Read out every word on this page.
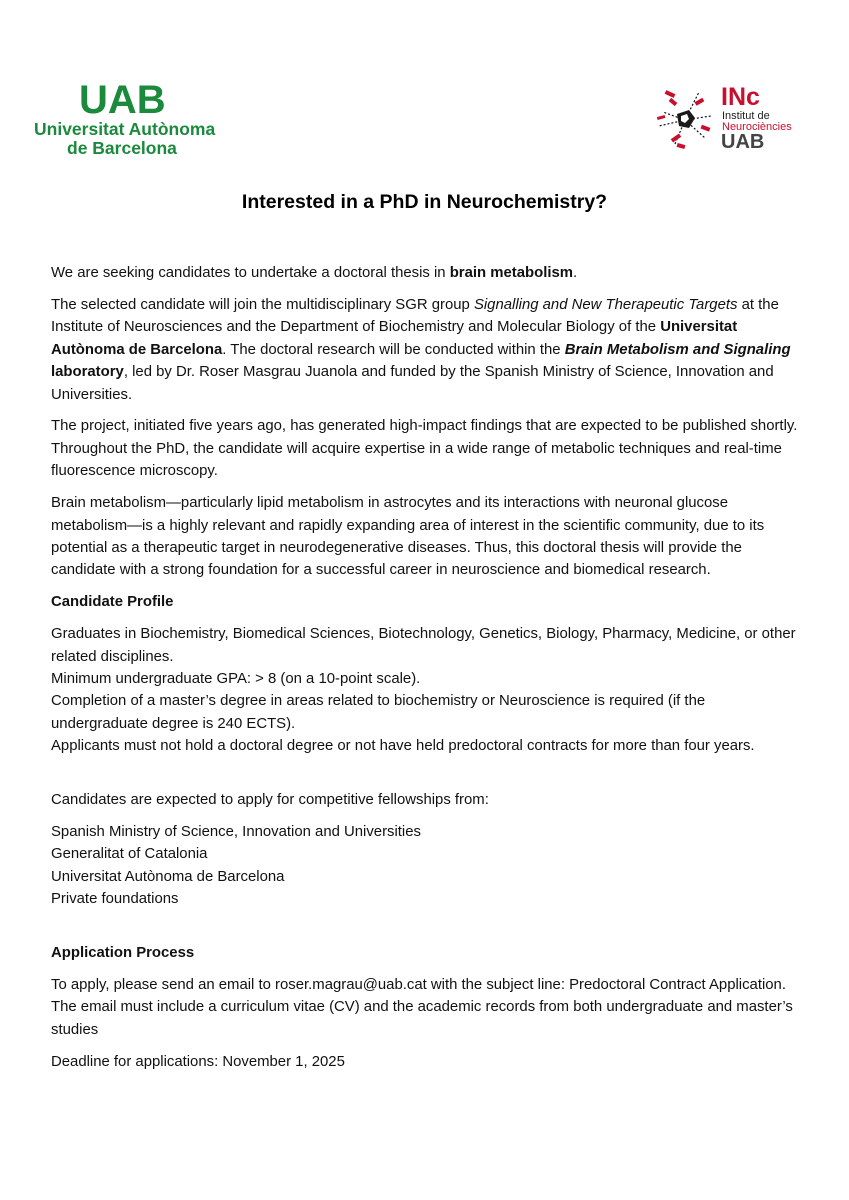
UAB
Universitat Autònoma
de Barcelona
INc
Institut de
Neurociències
UAB
Interested in a PhD in Neurochemistry?

We are seeking candidates to undertake a doctoral thesis in brain metabolism.

The selected candidate will join the multidisciplinary SGR group Signalling and New Therapeutic Targets at the Institute of Neurosciences and the Department of Biochemistry and Molecular Biology of the Universitat Autònoma de Barcelona. The doctoral research will be conducted within the Brain Metabolism and Signaling laboratory, led by Dr. Roser Masgrau Juanola and funded by the Spanish Ministry of Science, Innovation and Universities.

The project, initiated five years ago, has generated high-impact findings that are expected to be published shortly. Throughout the PhD, the candidate will acquire expertise in a wide range of metabolic techniques and real-time fluorescence microscopy.

Brain metabolism—particularly lipid metabolism in astrocytes and its interactions with neuronal glucose metabolism—is a highly relevant and rapidly expanding area of interest in the scientific community, due to its potential as a therapeutic target in neurodegenerative diseases. Thus, this doctoral thesis will provide the candidate with a strong foundation for a successful career in neuroscience and biomedical research.

Candidate Profile

Graduates in Biochemistry, Biomedical Sciences, Biotechnology, Genetics, Biology, Pharmacy, Medicine, or other related disciplines.
Minimum undergraduate GPA: > 8 (on a 10-point scale).
Completion of a master’s degree in areas related to biochemistry or Neuroscience is required (if the undergraduate degree is 240 ECTS).
Applicants must not hold a doctoral degree or not have held predoctoral contracts for more than four years.

Candidates are expected to apply for competitive fellowships from:

Spanish Ministry of Science, Innovation and Universities
Generalitat of Catalonia
Universitat Autònoma de Barcelona
Private foundations

Application Process

To apply, please send an email to roser.magrau@uab.cat with the subject line: Predoctoral Contract Application. The email must include a curriculum vitae (CV) and the academic records from both undergraduate and master’s studies

Deadline for applications: November 1, 2025
